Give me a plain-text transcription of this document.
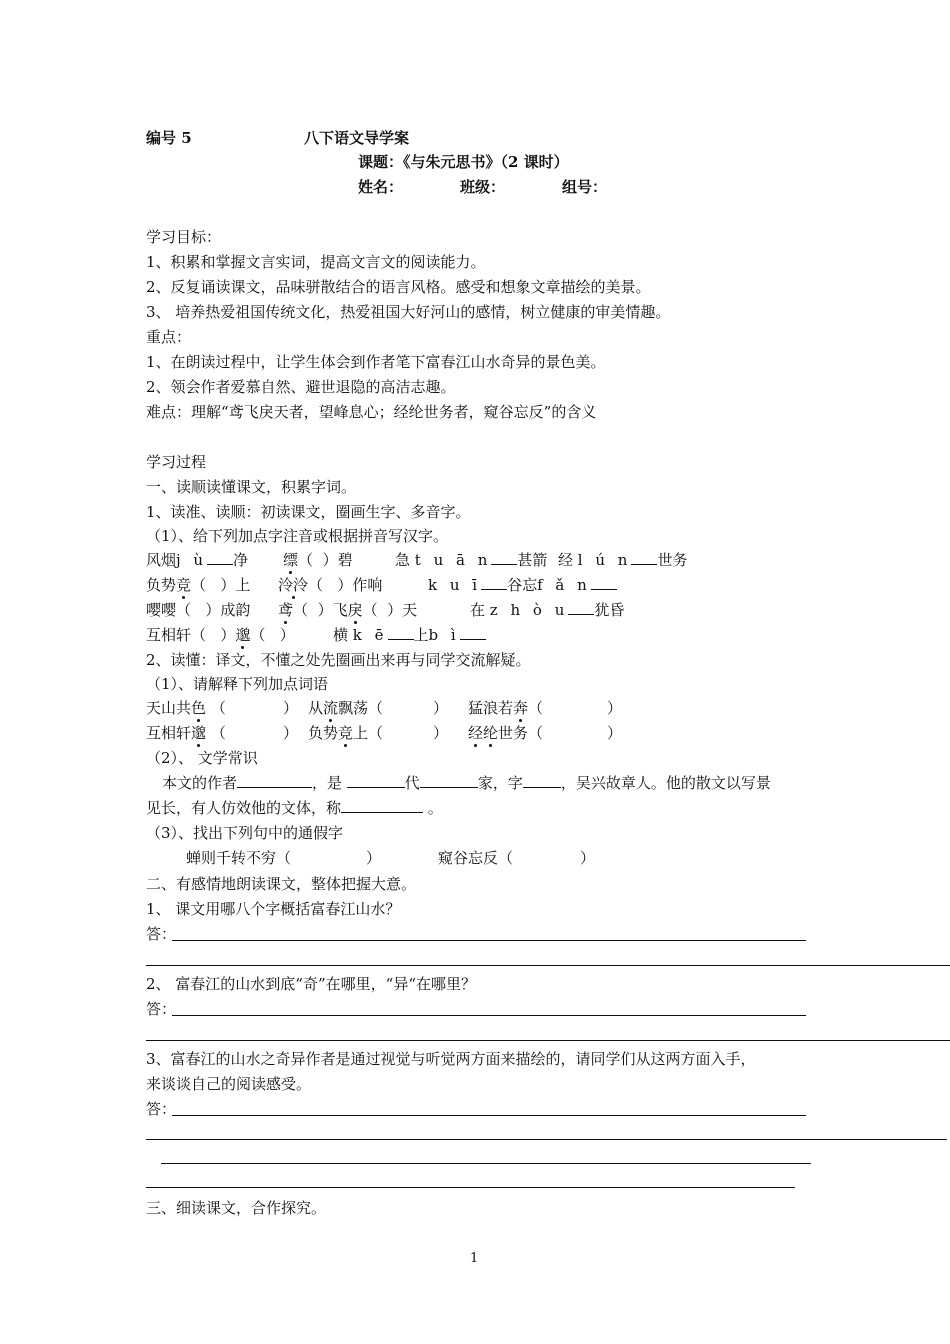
编号 5	八下语文导学案
课题：《与朱元思书》（2 课时）
姓名：	班级：	组号：
学习目标：
1、积累和掌握文言实词，提高文言文的阅读能力。
2、反复诵读课文，品味骈散结合的语言风格。感受和想象文章描绘的美景。
3、 培养热爱祖国传统文化，热爱祖国大好河山的感情，树立健康的审美情趣。
重点：
1、在朗读过程中，让学生体会到作者笔下富春江山水奇异的景色美。
2、领会作者爱慕自然、避世退隐的高洁志趣。
难点：理解“鸢飞戾天者，望峰息心；经纶世务者，窥谷忘反”的含义
学习过程
一、读顺读懂课文，积累字词。
1、读准、读顺：初读课文，圈画生字、多音字。
（1）、给下列加点字注音或根据拼音写汉字。
风烟j ù 净 缥（ ）碧	急 t u ā n 甚箭 经 l ú n 世务
负势竞（ ）上 泠泠（ ）作响	k u ī 谷忘f ǎ n
嘤嘤（ ）成韵 鸢（ ）飞戾（ ）天	在 z h ò u 犹昏
互相轩（ ）邈（ ）	横 k ē 上b ì
2、读懂：译文，不懂之处先圈画出来再与同学交流解疑。
（1）、请解释下列加点词语
天山共色 （	） 从流飘荡（	） 猛浪若奔（	）
互相轩邈 （	） 负势竞上（	） 经纶世务（	）
（2）、 文学常识
本文的作者	，是	代	家，字	，吴兴故章人。他的散文以写景
见长，有人仿效他的文体，称	。
（3）、找出下列句中的通假字
蝉则千转不穷（	）	窥谷忘反（	）
二、有感情地朗读课文，整体把握大意。
1、 课文用哪八个字概括富春江山水？
答：
2、 富春江的山水到底“奇”在哪里，“异“在哪里？
答：
3、富春江的山水之奇异作者是通过视觉与听觉两方面来描绘的，请同学们从这两方面入手，
来谈谈自己的阅读感受。
答：
三、细读课文，合作探究。
1
